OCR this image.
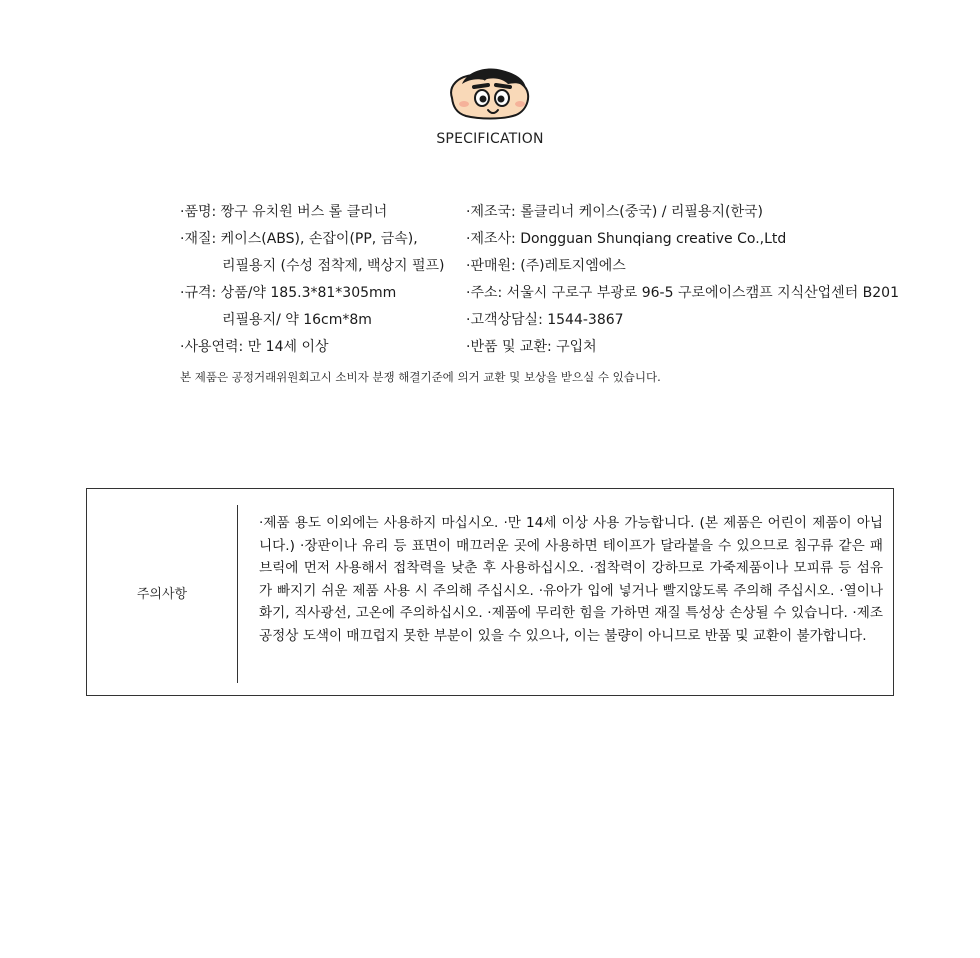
SPECIFICATION
·품명: 짱구 유치원 버스 롤 클리너
·재질: 케이스(ABS), 손잡이(PP, 금속),
리필용지 (수성 점착제, 백상지 펄프)
·규격: 상품/약 185.3*81*305mm
리필용지/ 약 16cm*8m
·사용연력: 만 14세 이상
·제조국: 롤클리너 케이스(중국) / 리필용지(한국)
·제조사: Dongguan Shunqiang creative Co.,Ltd
·판매원: (주)레토지엠에스
·주소: 서울시 구로구 부광로 96-5 구로에이스캠프 지식산업센터 B201
·고객상담실: 1544-3867
·반품 및 교환: 구입처
본 제품은 공정거래위원회고시 소비자 분쟁 해결기준에 의거 교환 및 보상을 받으실 수 있습니다.
주의사항
·제품 용도 이외에는 사용하지 마십시오. ·만 14세 이상 사용 가능합니다. (본 제품은 어린이 제품이 아닙니다.) ·장판이나 유리 등 표면이 매끄러운 곳에 사용하면 테이프가 달라붙을 수 있으므로 침구류 같은 패브릭에 먼저 사용해서 접착력을 낮춘 후 사용하십시오. ·접착력이 강하므로 가죽제품이나 모피류 등 섬유가 빠지기 쉬운 제품 사용 시 주의해 주십시오. ·유아가 입에 넣거나 빨지않도록 주의해 주십시오. ·열이나 화기, 직사광선, 고온에 주의하십시오. ·제품에 무리한 힘을 가하면 재질 특성상 손상될 수 있습니다. ·제조 공정상 도색이 매끄럽지 못한 부분이 있을 수 있으나, 이는 불량이 아니므로 반품 및 교환이 불가합니다.
